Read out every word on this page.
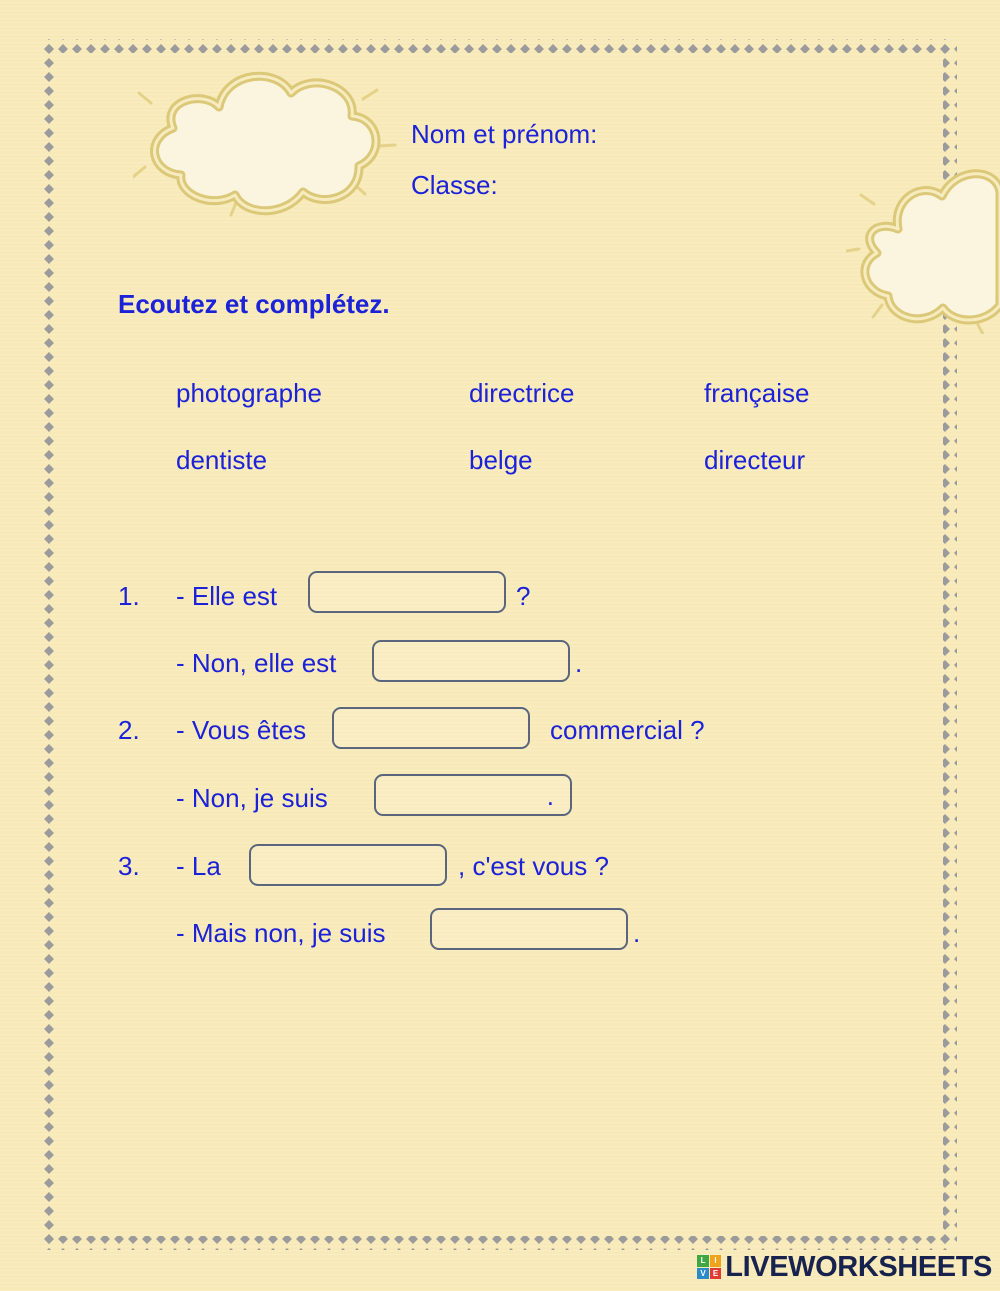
Nom et prénom:
Classe:
Ecoutez et complétez.
photographe	directrice	française
dentiste	belge	directeur
1. - Elle est	?
- Non, elle est	.
2. - Vous êtes	commercial ?
- Non, je suis	.
3. - La	, c'est vous ?
- Mais non, je suis	.
L	I
V E LIVEWORKSHEETS
